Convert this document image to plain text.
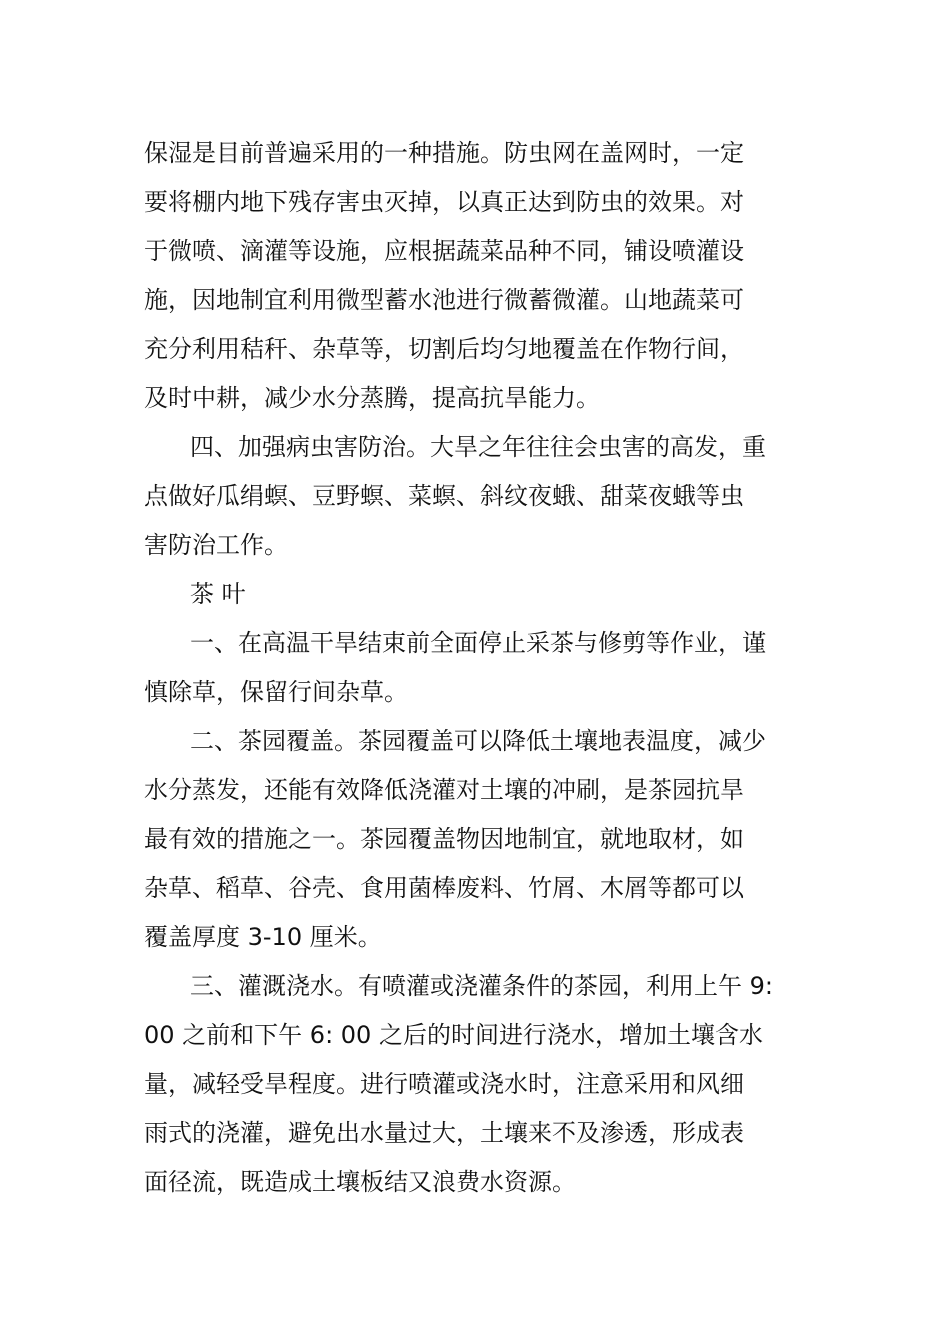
保湿是目前普遍采用的一种措施。防虫网在盖网时，一定
要将棚内地下残存害虫灭掉，以真正达到防虫的效果。对
于微喷、滴灌等设施，应根据蔬菜品种不同，铺设喷灌设
施，因地制宜利用微型蓄水池进行微蓄微灌。山地蔬菜可
充分利用秸秆、杂草等，切割后均匀地覆盖在作物行间，
及时中耕，减少水分蒸腾，提高抗旱能力。
四、加强病虫害防治。大旱之年往往会虫害的高发，重
点做好瓜绢螟、豆野螟、菜螟、斜纹夜蛾、甜菜夜蛾等虫
害防治工作。
茶 叶
一、在高温干旱结束前全面停止采茶与修剪等作业，谨
慎除草，保留行间杂草。
二、茶园覆盖。茶园覆盖可以降低土壤地表温度，减少
水分蒸发，还能有效降低浇灌对土壤的冲刷，是茶园抗旱
最有效的措施之一。茶园覆盖物因地制宜，就地取材，如
杂草、稻草、谷壳、食用菌棒废料、竹屑、木屑等都可以
覆盖厚度 3-10 厘米。
三、灌溉浇水。有喷灌或浇灌条件的茶园，利用上午 9:
00 之前和下午 6: 00 之后的时间进行浇水，增加土壤含水
量，减轻受旱程度。进行喷灌或浇水时，注意采用和风细
雨式的浇灌，避免出水量过大，土壤来不及渗透，形成表
面径流，既造成土壤板结又浪费水资源。
